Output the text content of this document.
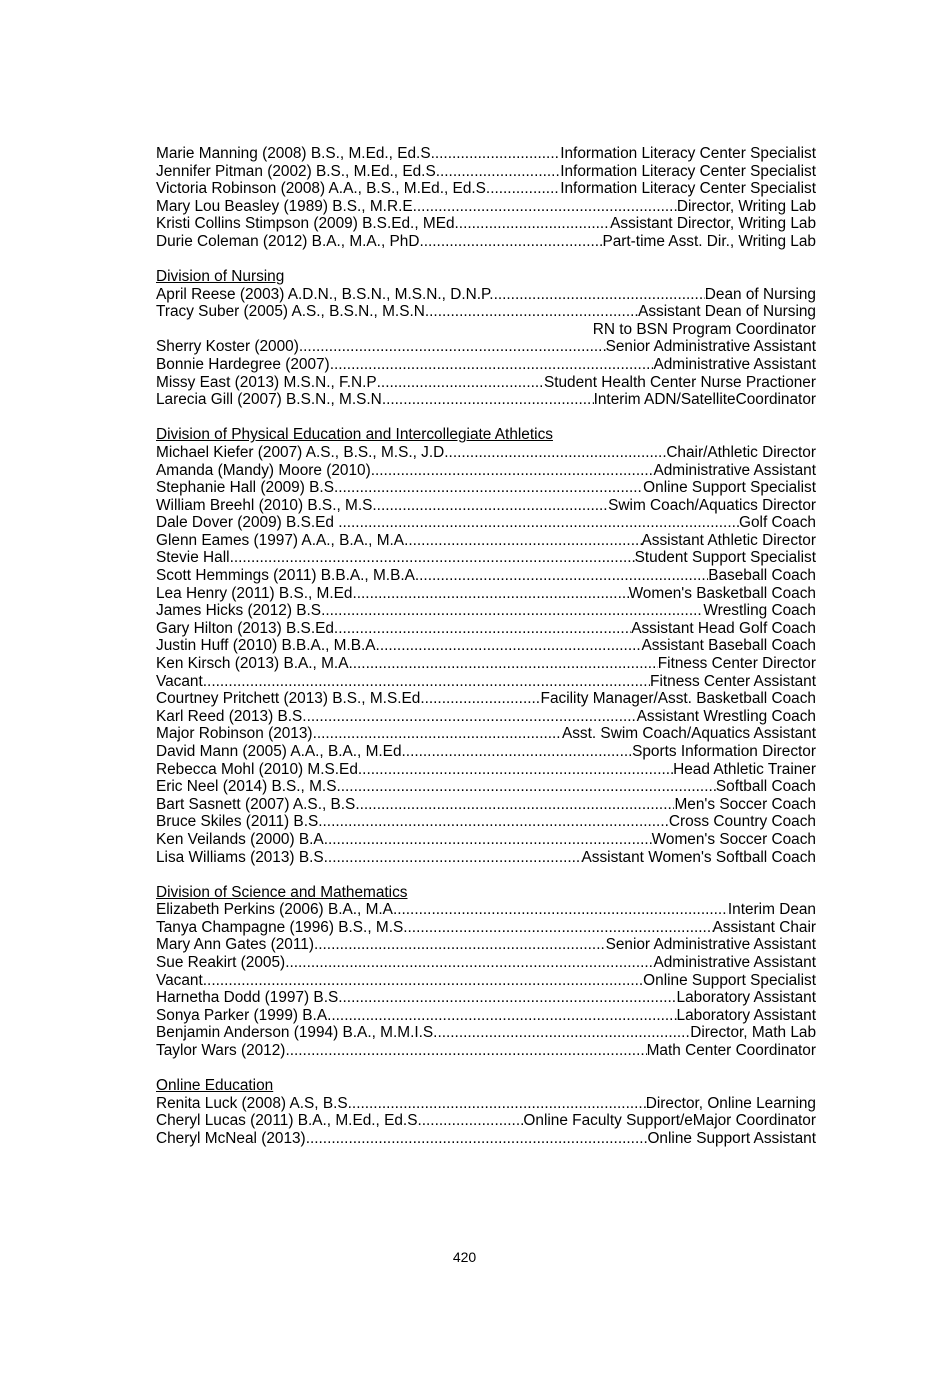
Marie Manning (2008) B.S., M.Ed., Ed.S. .....	Information Literacy Center Specialist
Jennifer Pitman (2002) B.S., M.Ed., Ed.S. .....	Information Literacy Center Specialist
Victoria Robinson (2008) A.A., B.S., M.Ed., Ed.S. .....	Information Literacy Center Specialist
Mary Lou Beasley (1989) B.S., M.R.E. .....	Director, Writing Lab
Kristi Collins Stimpson (2009) B.S.Ed., MEd .....	Assistant Director, Writing Lab
Durie Coleman (2012) B.A., M.A., PhD .....	Part-time Asst. Dir., Writing Lab
Division of Nursing
April Reese (2003) A.D.N., B.S.N., M.S.N., D.N.P. .....	Dean of Nursing
Tracy Suber (2005) A.S., B.S.N., M.S.N. .....	Assistant Dean of Nursing
RN to BSN Program Coordinator
Sherry Koster (2000). .....	Senior Administrative Assistant
Bonnie Hardegree (2007) .....	Administrative Assistant
Missy East (2013) M.S.N., F.N.P .....	Student Health Center Nurse Practioner
Larecia Gill (2007) B.S.N., M.S.N .....	Interim ADN/SatelliteCoordinator
Division of Physical Education and Intercollegiate Athletics
Michael Kiefer (2007) A.S., B.S., M.S., J.D.. .....	Chair/Athletic Director
Amanda (Mandy) Moore (2010) .....	Administrative Assistant
Stephanie Hall (2009) B.S. .....	Online Support Specialist
William Breehl (2010) B.S., M.S. .....	Swim Coach/Aquatics Director
Dale Dover (2009) B.S.Ed . .....	Golf Coach
Glenn Eames (1997) A.A., B.A., M.A. .....	Assistant Athletic Director
Stevie Hall .....	Student Support Specialist
Scott Hemmings (2011) B.B.A., M.B.A. .....	Baseball Coach
Lea Henry (2011) B.S., M.Ed .....	Women's Basketball Coach
James Hicks (2012) B.S. .....	Wrestling Coach
Gary Hilton (2013) B.S.Ed. .....	Assistant Head Golf Coach
Justin Huff (2010) B.B.A., M.B.A. .....	Assistant Baseball Coach
Ken Kirsch (2013) B.A., M.A .....	Fitness Center Director
Vacant .....	Fitness Center Assistant
Courtney Pritchett (2013) B.S., M.S.Ed. .....	Facility Manager/Asst. Basketball Coach
Karl Reed (2013) B.S. .....	Assistant Wrestling Coach
Major Robinson (2013) .....	Asst. Swim Coach/Aquatics Assistant
David Mann (2005) A.A., B.A., M.Ed.. .....	Sports Information Director
Rebecca Mohl (2010) M.S.Ed .....	Head Athletic Trainer
Eric Neel (2014) B.S., M.S. .....	Softball Coach
Bart Sasnett (2007) A.S., B.S. .....	Men's Soccer Coach
Bruce Skiles (2011) B.S. .....	Cross Country Coach
Ken Veilands (2000) B.A. .....	Women's Soccer Coach
Lisa Williams (2013) B.S. .....	Assistant Women's Softball Coach
Division of Science and Mathematics
Elizabeth Perkins (2006) B.A., M.A. .....	Interim Dean
Tanya Champagne (1996) B.S., M.S. .....	Assistant Chair
Mary Ann Gates (2011) .....	Senior Administrative Assistant
Sue Reakirt (2005) .....	Administrative Assistant
Vacant .....	Online Support Specialist
Harnetha Dodd (1997) B.S. .....	Laboratory Assistant
Sonya Parker (1999) B.A. .....	Laboratory Assistant
Benjamin Anderson (1994) B.A., M.M.I.S. .....	Director, Math Lab
Taylor Wars (2012) .....	Math Center Coordinator
Online Education
Renita Luck (2008) A.S, B.S. .....	Director, Online Learning
Cheryl Lucas (2011) B.A., M.Ed., Ed.S. .....	Online Faculty Support/eMajor Coordinator
Cheryl McNeal (2013) .....	Online Support Assistant
420
